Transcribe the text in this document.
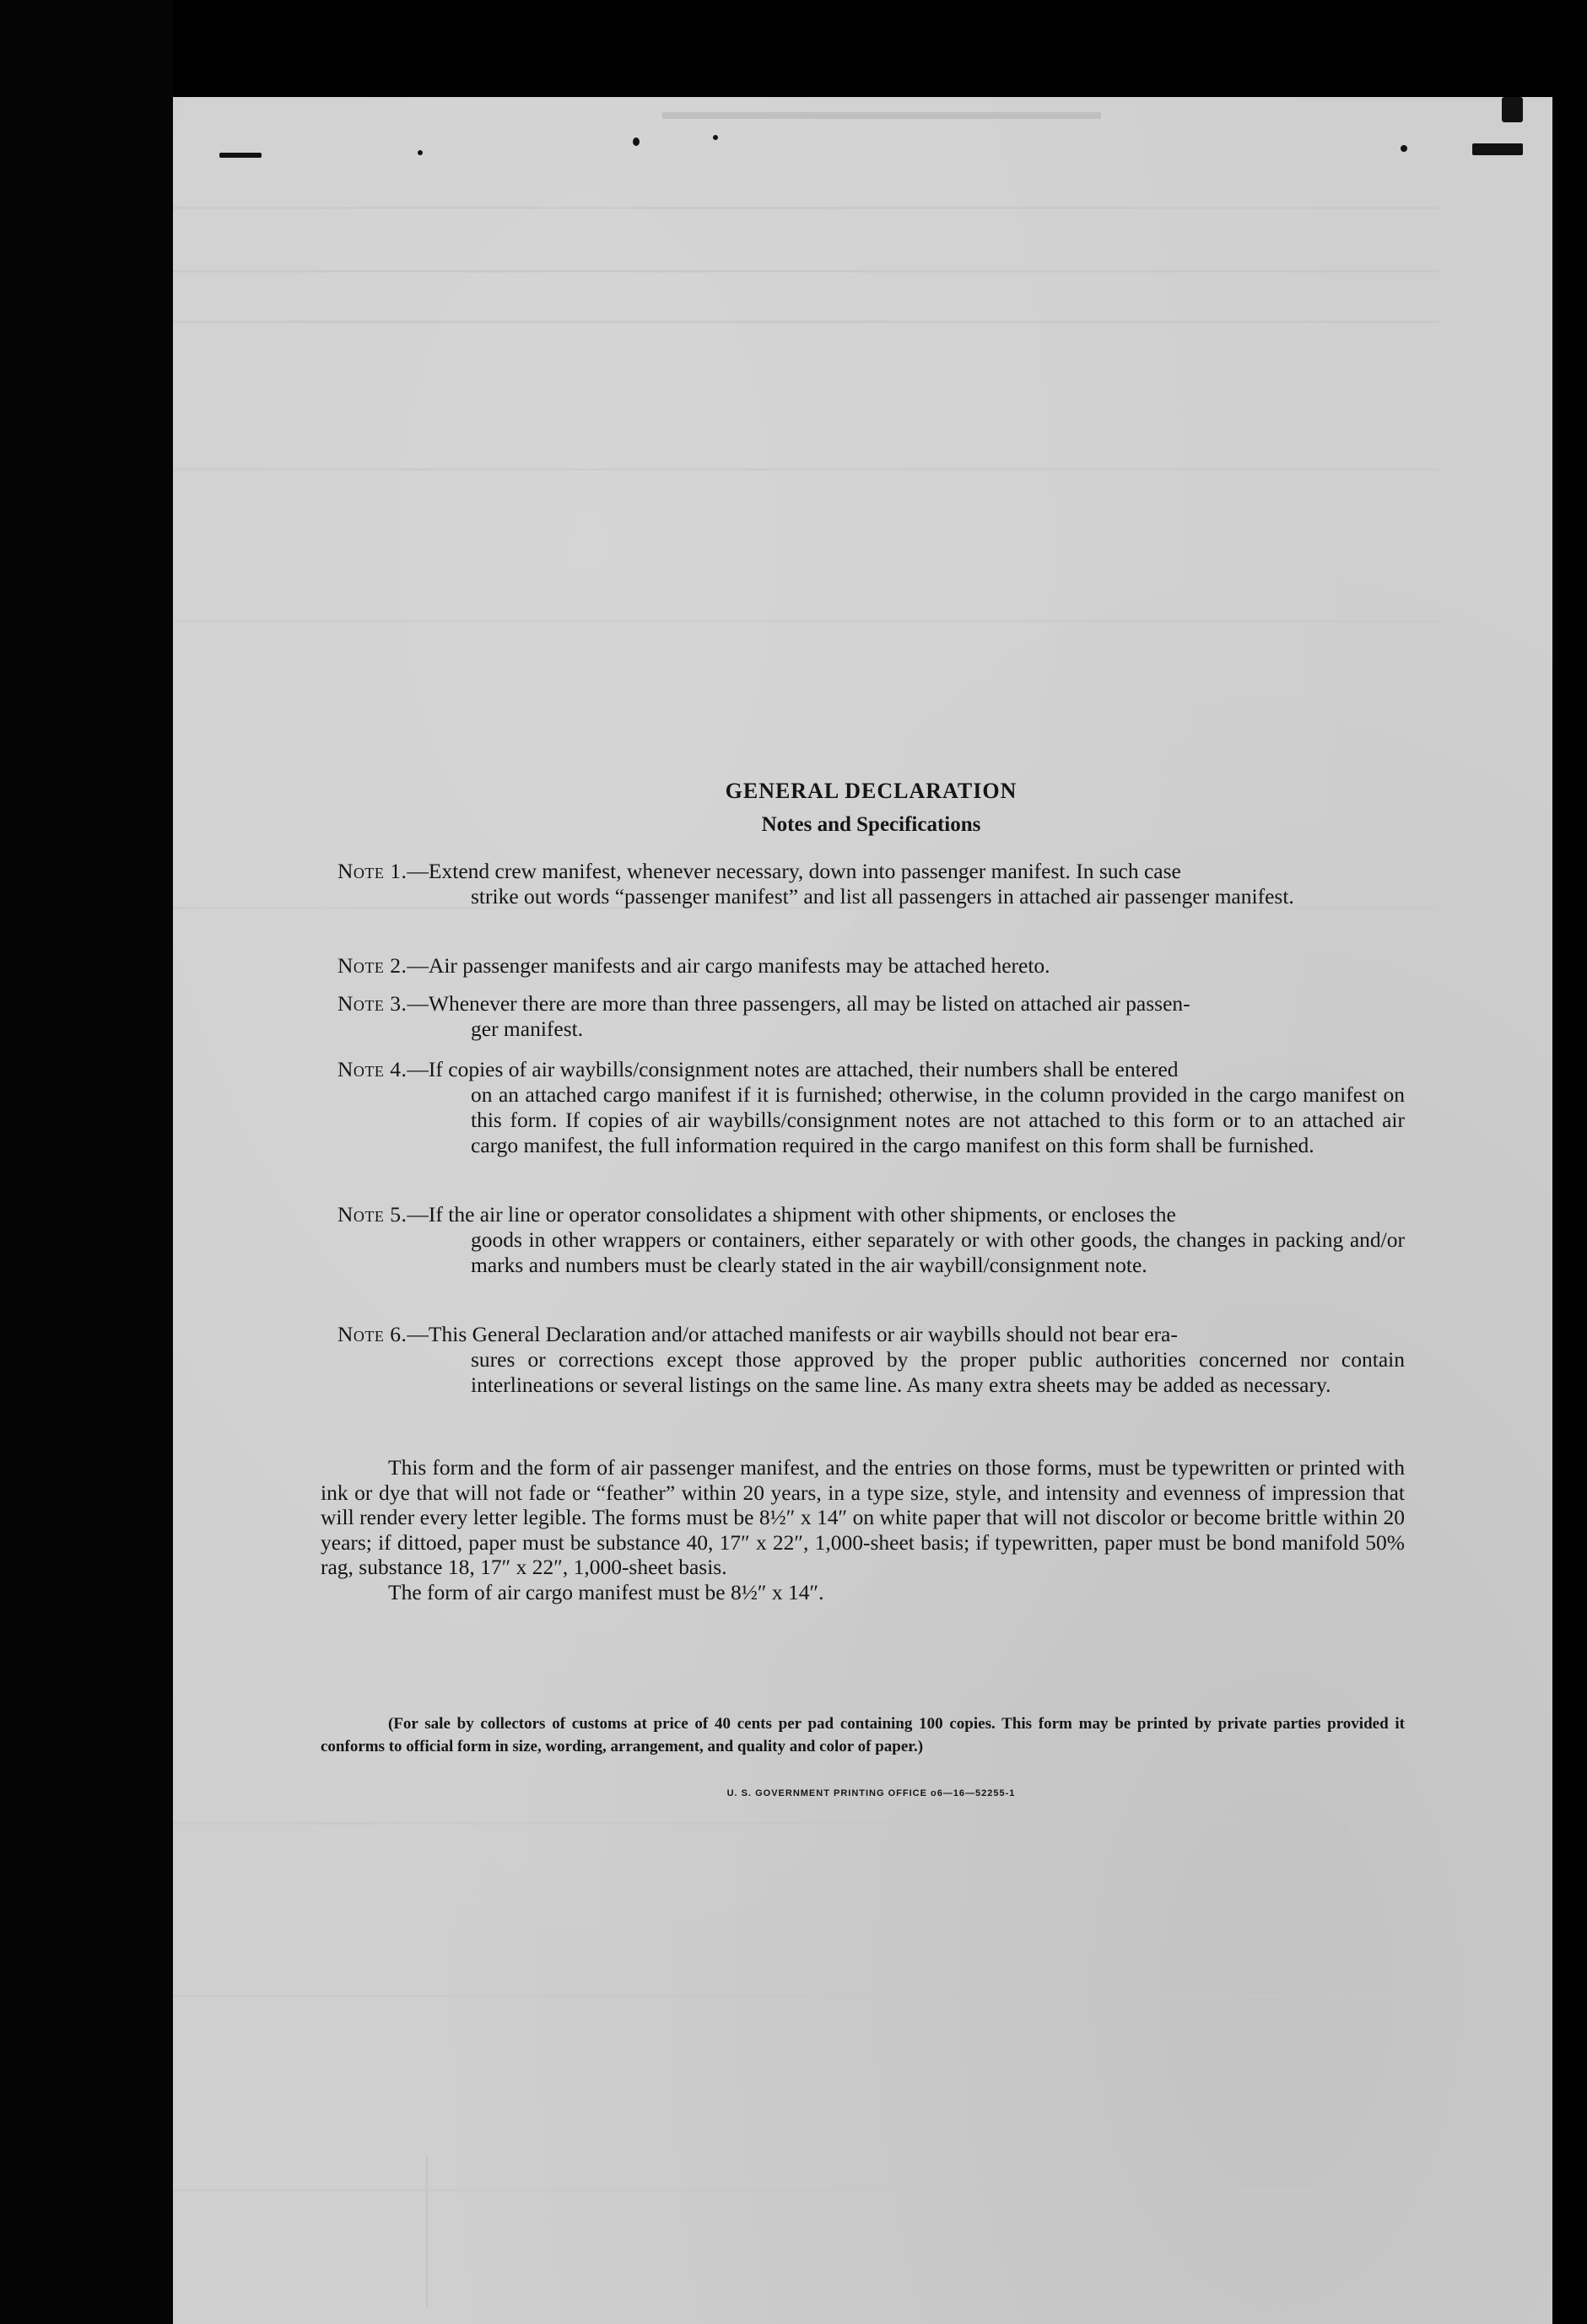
GENERAL DECLARATION
Notes and Specifications

Note 1.—Extend crew manifest, whenever necessary, down into passenger manifest. In such case

strike out words “passenger manifest” and list all passengers in attached air passenger manifest.

Note 2.—Air passenger manifests and air cargo manifests may be attached hereto.

Note 3.—Whenever there are more than three passengers, all may be listed on attached air passen-

ger manifest.

Note 4.—If copies of air waybills/consignment notes are attached, their numbers shall be entered

on an attached cargo manifest if it is furnished; otherwise, in the column provided in the cargo manifest on this form. If copies of air waybills/consignment notes are not attached to this form or to an attached air cargo manifest, the full information required in the cargo manifest on this form shall be furnished.

Note 5.—If the air line or operator consolidates a shipment with other shipments, or encloses the

goods in other wrappers or containers, either separately or with other goods, the changes in packing and/or marks and numbers must be clearly stated in the air waybill/consignment note.

Note 6.—This General Declaration and/or attached manifests or air waybills should not bear era-

sures or corrections except those approved by the proper public authorities concerned nor contain interlineations or several listings on the same line. As many extra sheets may be added as necessary.

This form and the form of air passenger manifest, and the entries on those forms, must be typewritten or printed with ink or dye that will not fade or “feather” within 20 years, in a type size, style, and intensity and evenness of impression that will render every letter legible. The forms must be 8½″ x 14″ on white paper that will not discolor or become brittle within 20 years; if dittoed, paper must be substance 40, 17″ x 22″, 1,000-sheet basis; if typewritten, paper must be bond manifold 50% rag, substance 18, 17″ x 22″, 1,000-sheet basis.

The form of air cargo manifest must be 8½″ x 14″.

(For sale by collectors of customs at price of 40 cents per pad containing 100 copies. This form may be printed by private parties provided it conforms to official form in size, wording, arrangement, and quality and color of paper.)

U. S. GOVERNMENT PRINTING OFFICE o6—16—52255-1
